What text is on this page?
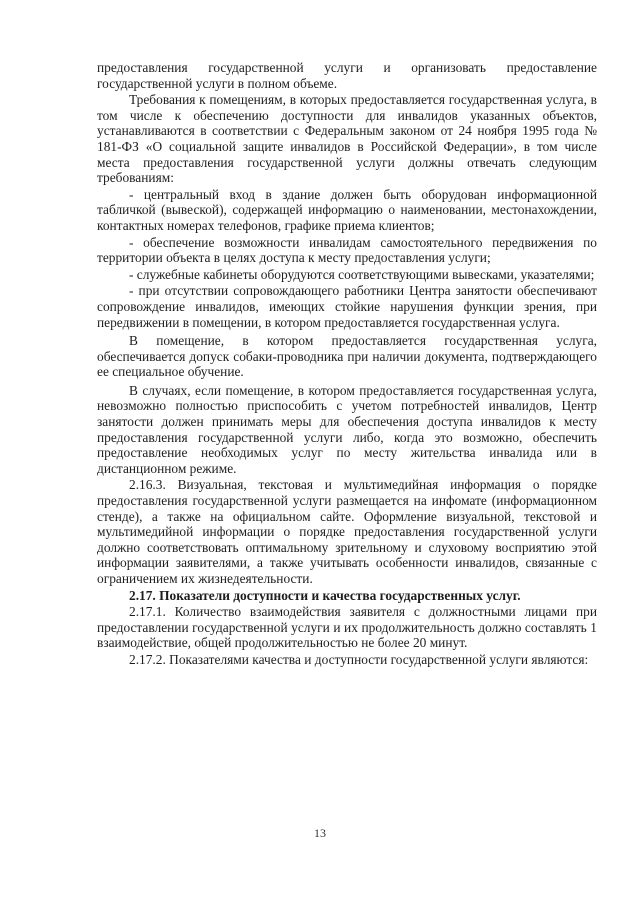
предоставления государственной услуги и организовать предоставление государственной услуги в полном объеме.

Требования к помещениям, в которых предоставляется государственная услуга, в том числе к обеспечению доступности для инвалидов указанных объектов, устанавливаются в соответствии с Федеральным законом от 24 ноября 1995 года № 181-ФЗ «О социальной защите инвалидов в Российской Федерации», в том числе места предоставления государственной услуги должны отвечать следующим требованиям:

- центральный вход в здание должен быть оборудован информационной табличкой (вывеской), содержащей информацию о наименовании, местонахождении, контактных номерах телефонов, графике приема клиентов;

- обеспечение возможности инвалидам самостоятельного передвижения по территории объекта в целях доступа к месту предоставления услуги;

- служебные кабинеты оборудуются соответствующими вывесками, указателями;

- при отсутствии сопровождающего работники Центра занятости обеспечивают сопровождение инвалидов, имеющих стойкие нарушения функции зрения, при передвижении в помещении, в котором предоставляется государственная услуга.

В помещение, в котором предоставляется государственная услуга, обеспечивается допуск собаки-проводника при наличии документа, подтверждающего ее специальное обучение.

В случаях, если помещение, в котором предоставляется государственная услуга, невозможно полностью приспособить с учетом потребностей инвалидов, Центр занятости должен принимать меры для обеспечения доступа инвалидов к месту предоставления государственной услуги либо, когда это возможно, обеспечить предоставление необходимых услуг по месту жительства инвалида или в дистанционном режиме.

2.16.3. Визуальная, текстовая и мультимедийная информация о порядке предоставления государственной услуги размещается на инфомате (информационном стенде), а также на официальном сайте. Оформление визуальной, текстовой и мультимедийной информации о порядке предоставления государственной услуги должно соответствовать оптимальному зрительному и слуховому восприятию этой информации заявителями, а также учитывать особенности инвалидов, связанные с ограничением их жизнедеятельности.

2.17. Показатели доступности и качества государственных услуг.

2.17.1. Количество взаимодействия заявителя с должностными лицами при предоставлении государственной услуги и их продолжительность должно составлять 1 взаимодействие, общей продолжительностью не более 20 минут.

2.17.2. Показателями качества и доступности государственной услуги являются:

13
